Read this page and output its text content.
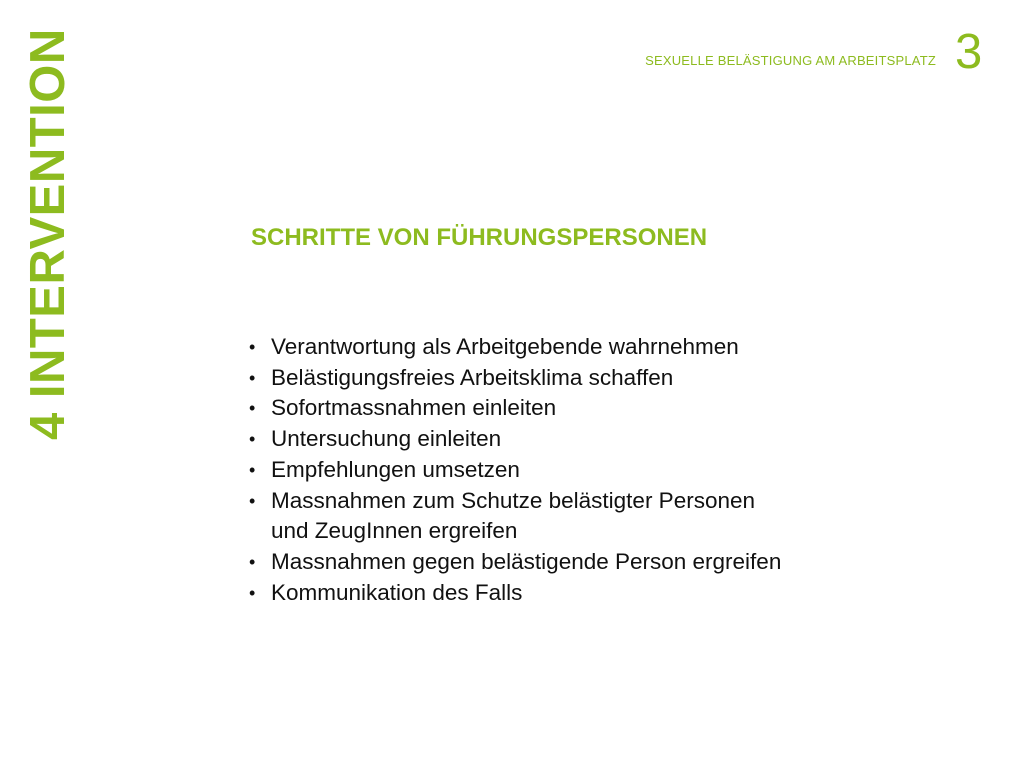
4 INTERVENTION	SEXUELLE BELÄSTIGUNG AM ARBEITSPLATZ 3
SCHRITTE VON FÜHRUNGSPERSONEN
• Verantwortung als Arbeitgebende wahrnehmen
• Belästigungsfreies Arbeitsklima schaffen
• Sofortmassnahmen einleiten
• Untersuchung einleiten
• Empfehlungen umsetzen
• Massnahmen zum Schutze belästigter Personen
und ZeugInnen ergreifen
• Massnahmen gegen belästigende Person ergreifen
• Kommunikation des Falls
